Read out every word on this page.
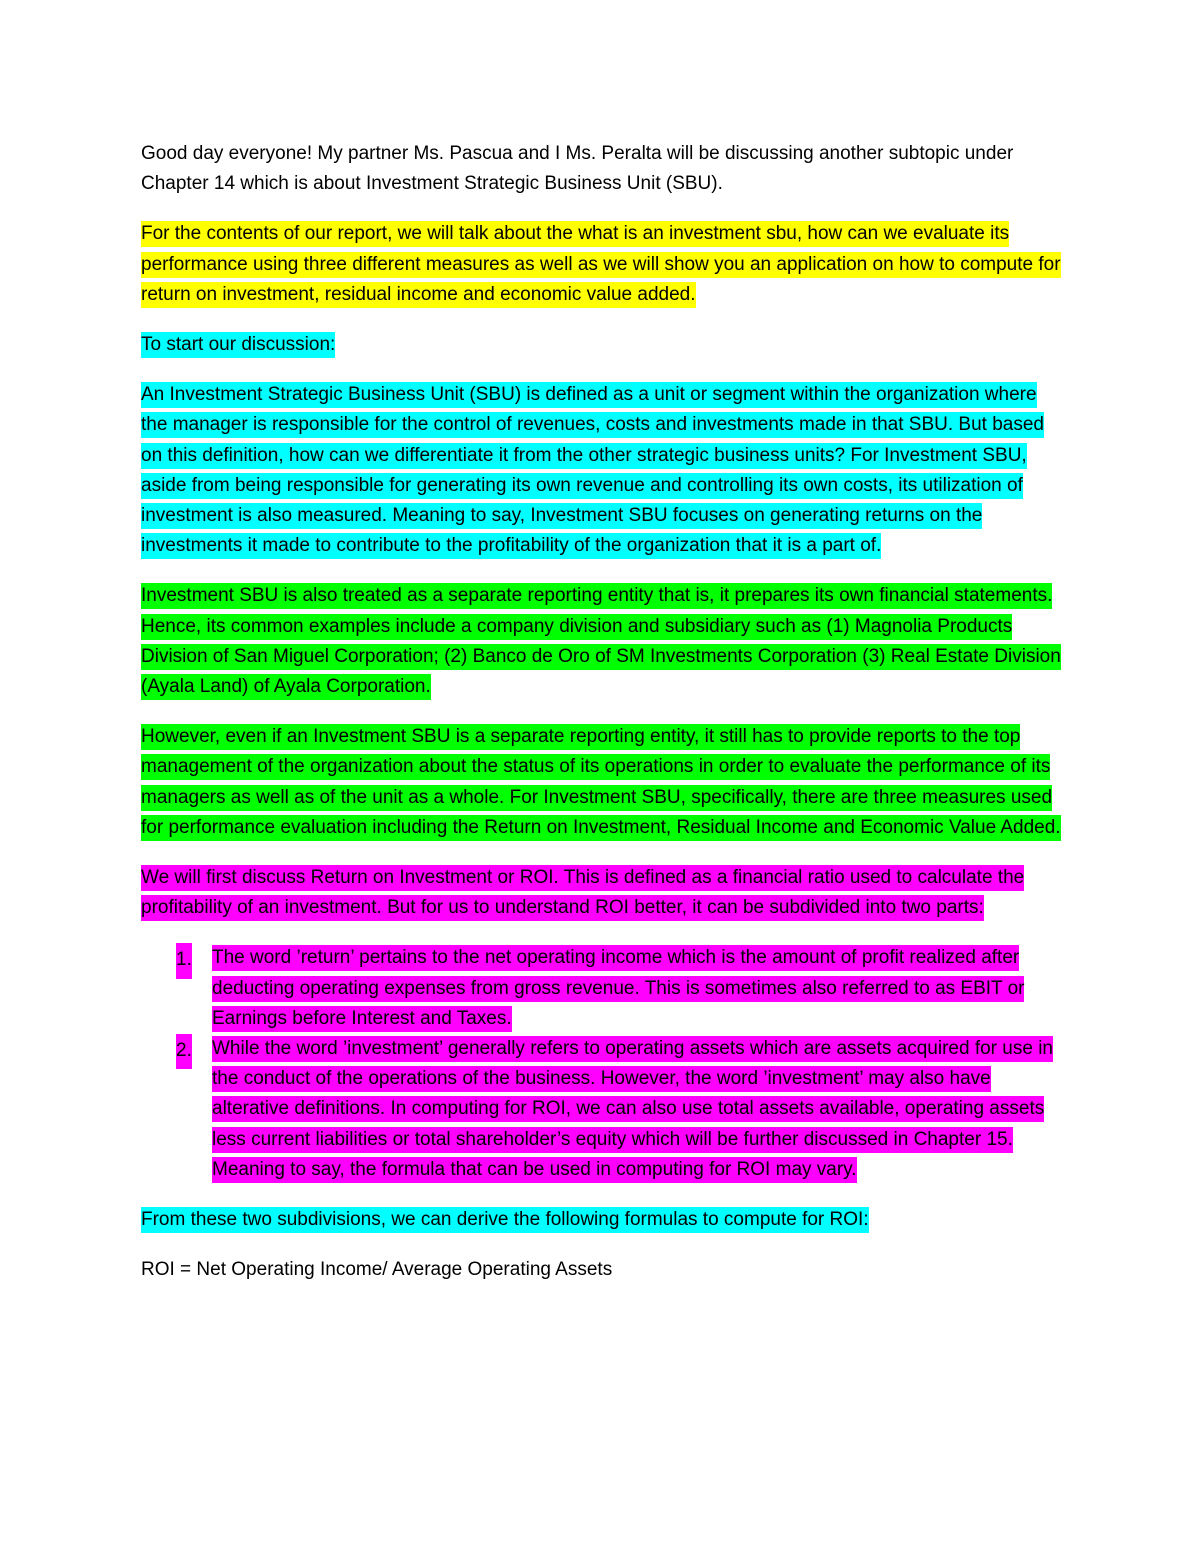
Good day everyone! My partner Ms. Pascua and I Ms. Peralta will be discussing another subtopic under Chapter 14 which is about Investment Strategic Business Unit (SBU).

For the contents of our report, we will talk about the what is an investment sbu, how can we evaluate its performance using three different measures as well as we will show you an application on how to compute for return on investment, residual income and economic value added.

To start our discussion:

An Investment Strategic Business Unit (SBU) is defined as a unit or segment within the organization where the manager is responsible for the control of revenues, costs and investments made in that SBU. But based on this definition, how can we differentiate it from the other strategic business units? For Investment SBU, aside from being responsible for generating its own revenue and controlling its own costs, its utilization of investment is also measured. Meaning to say, Investment SBU focuses on generating returns on the investments it made to contribute to the profitability of the organization that it is a part of.

Investment SBU is also treated as a separate reporting entity that is, it prepares its own financial statements. Hence, its common examples include a company division and subsidiary such as (1) Magnolia Products Division of San Miguel Corporation; (2) Banco de Oro of SM Investments Corporation (3) Real Estate Division (Ayala Land) of Ayala Corporation.

However, even if an Investment SBU is a separate reporting entity, it still has to provide reports to the top management of the organization about the status of its operations in order to evaluate the performance of its managers as well as of the unit as a whole. For Investment SBU, specifically, there are three measures used for performance evaluation including the Return on Investment, Residual Income and Economic Value Added.

We will first discuss Return on Investment or ROI. This is defined as a financial ratio used to calculate the profitability of an investment. But for us to understand ROI better, it can be subdivided into two parts:

1. The word ’return’ pertains to the net operating income which is the amount of profit realized after deducting operating expenses from gross revenue. This is sometimes also referred to as EBIT or Earnings before Interest and Taxes.
2. While the word ’investment’ generally refers to operating assets which are assets acquired for use in the conduct of the operations of the business. However, the word ’investment’ may also have alterative definitions. In computing for ROI, we can also use total assets available, operating assets less current liabilities or total shareholder’s equity which will be further discussed in Chapter 15. Meaning to say, the formula that can be used in computing for ROI may vary.

From these two subdivisions, we can derive the following formulas to compute for ROI:

ROI = Net Operating Income/ Average Operating Assets
